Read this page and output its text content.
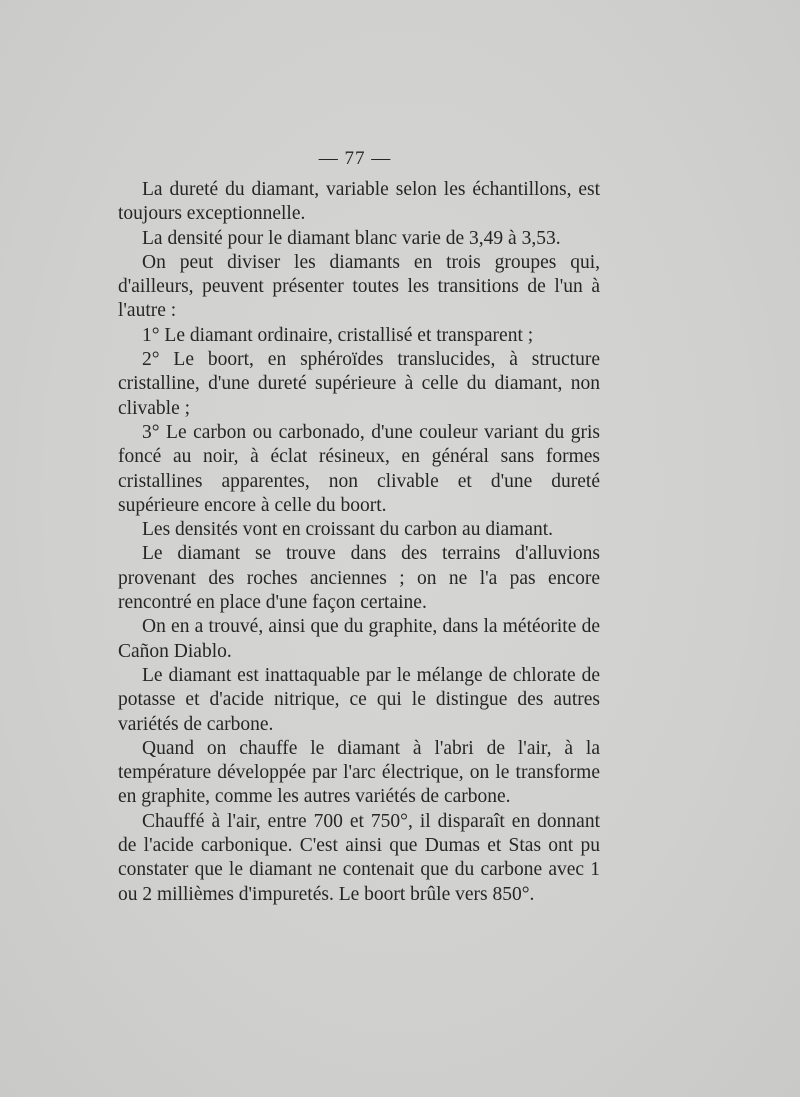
— 77 —

La dureté du diamant, variable selon les échantillons, est toujours exceptionnelle.

La densité pour le diamant blanc varie de 3,49 à 3,53.

On peut diviser les diamants en trois groupes qui, d'ailleurs, peuvent présenter toutes les transitions de l'un à l'autre :

1° Le diamant ordinaire, cristallisé et transparent ;

2° Le boort, en sphéroïdes translucides, à structure cristalline, d'une dureté supérieure à celle du diamant, non clivable ;

3° Le carbon ou carbonado, d'une couleur variant du gris foncé au noir, à éclat résineux, en général sans formes cristallines apparentes, non clivable et d'une dureté supérieure encore à celle du boort.

Les densités vont en croissant du carbon au diamant.

Le diamant se trouve dans des terrains d'alluvions provenant des roches anciennes ; on ne l'a pas encore rencontré en place d'une façon certaine.

On en a trouvé, ainsi que du graphite, dans la météorite de Cañon Diablo.

Le diamant est inattaquable par le mélange de chlorate de potasse et d'acide nitrique, ce qui le distingue des autres variétés de carbone.

Quand on chauffe le diamant à l'abri de l'air, à la température développée par l'arc électrique, on le transforme en graphite, comme les autres variétés de carbone.

Chauffé à l'air, entre 700 et 750°, il disparaît en donnant de l'acide carbonique. C'est ainsi que Dumas et Stas ont pu constater que le diamant ne contenait que du carbone avec 1 ou 2 millièmes d'impuretés. Le boort brûle vers 850°.
